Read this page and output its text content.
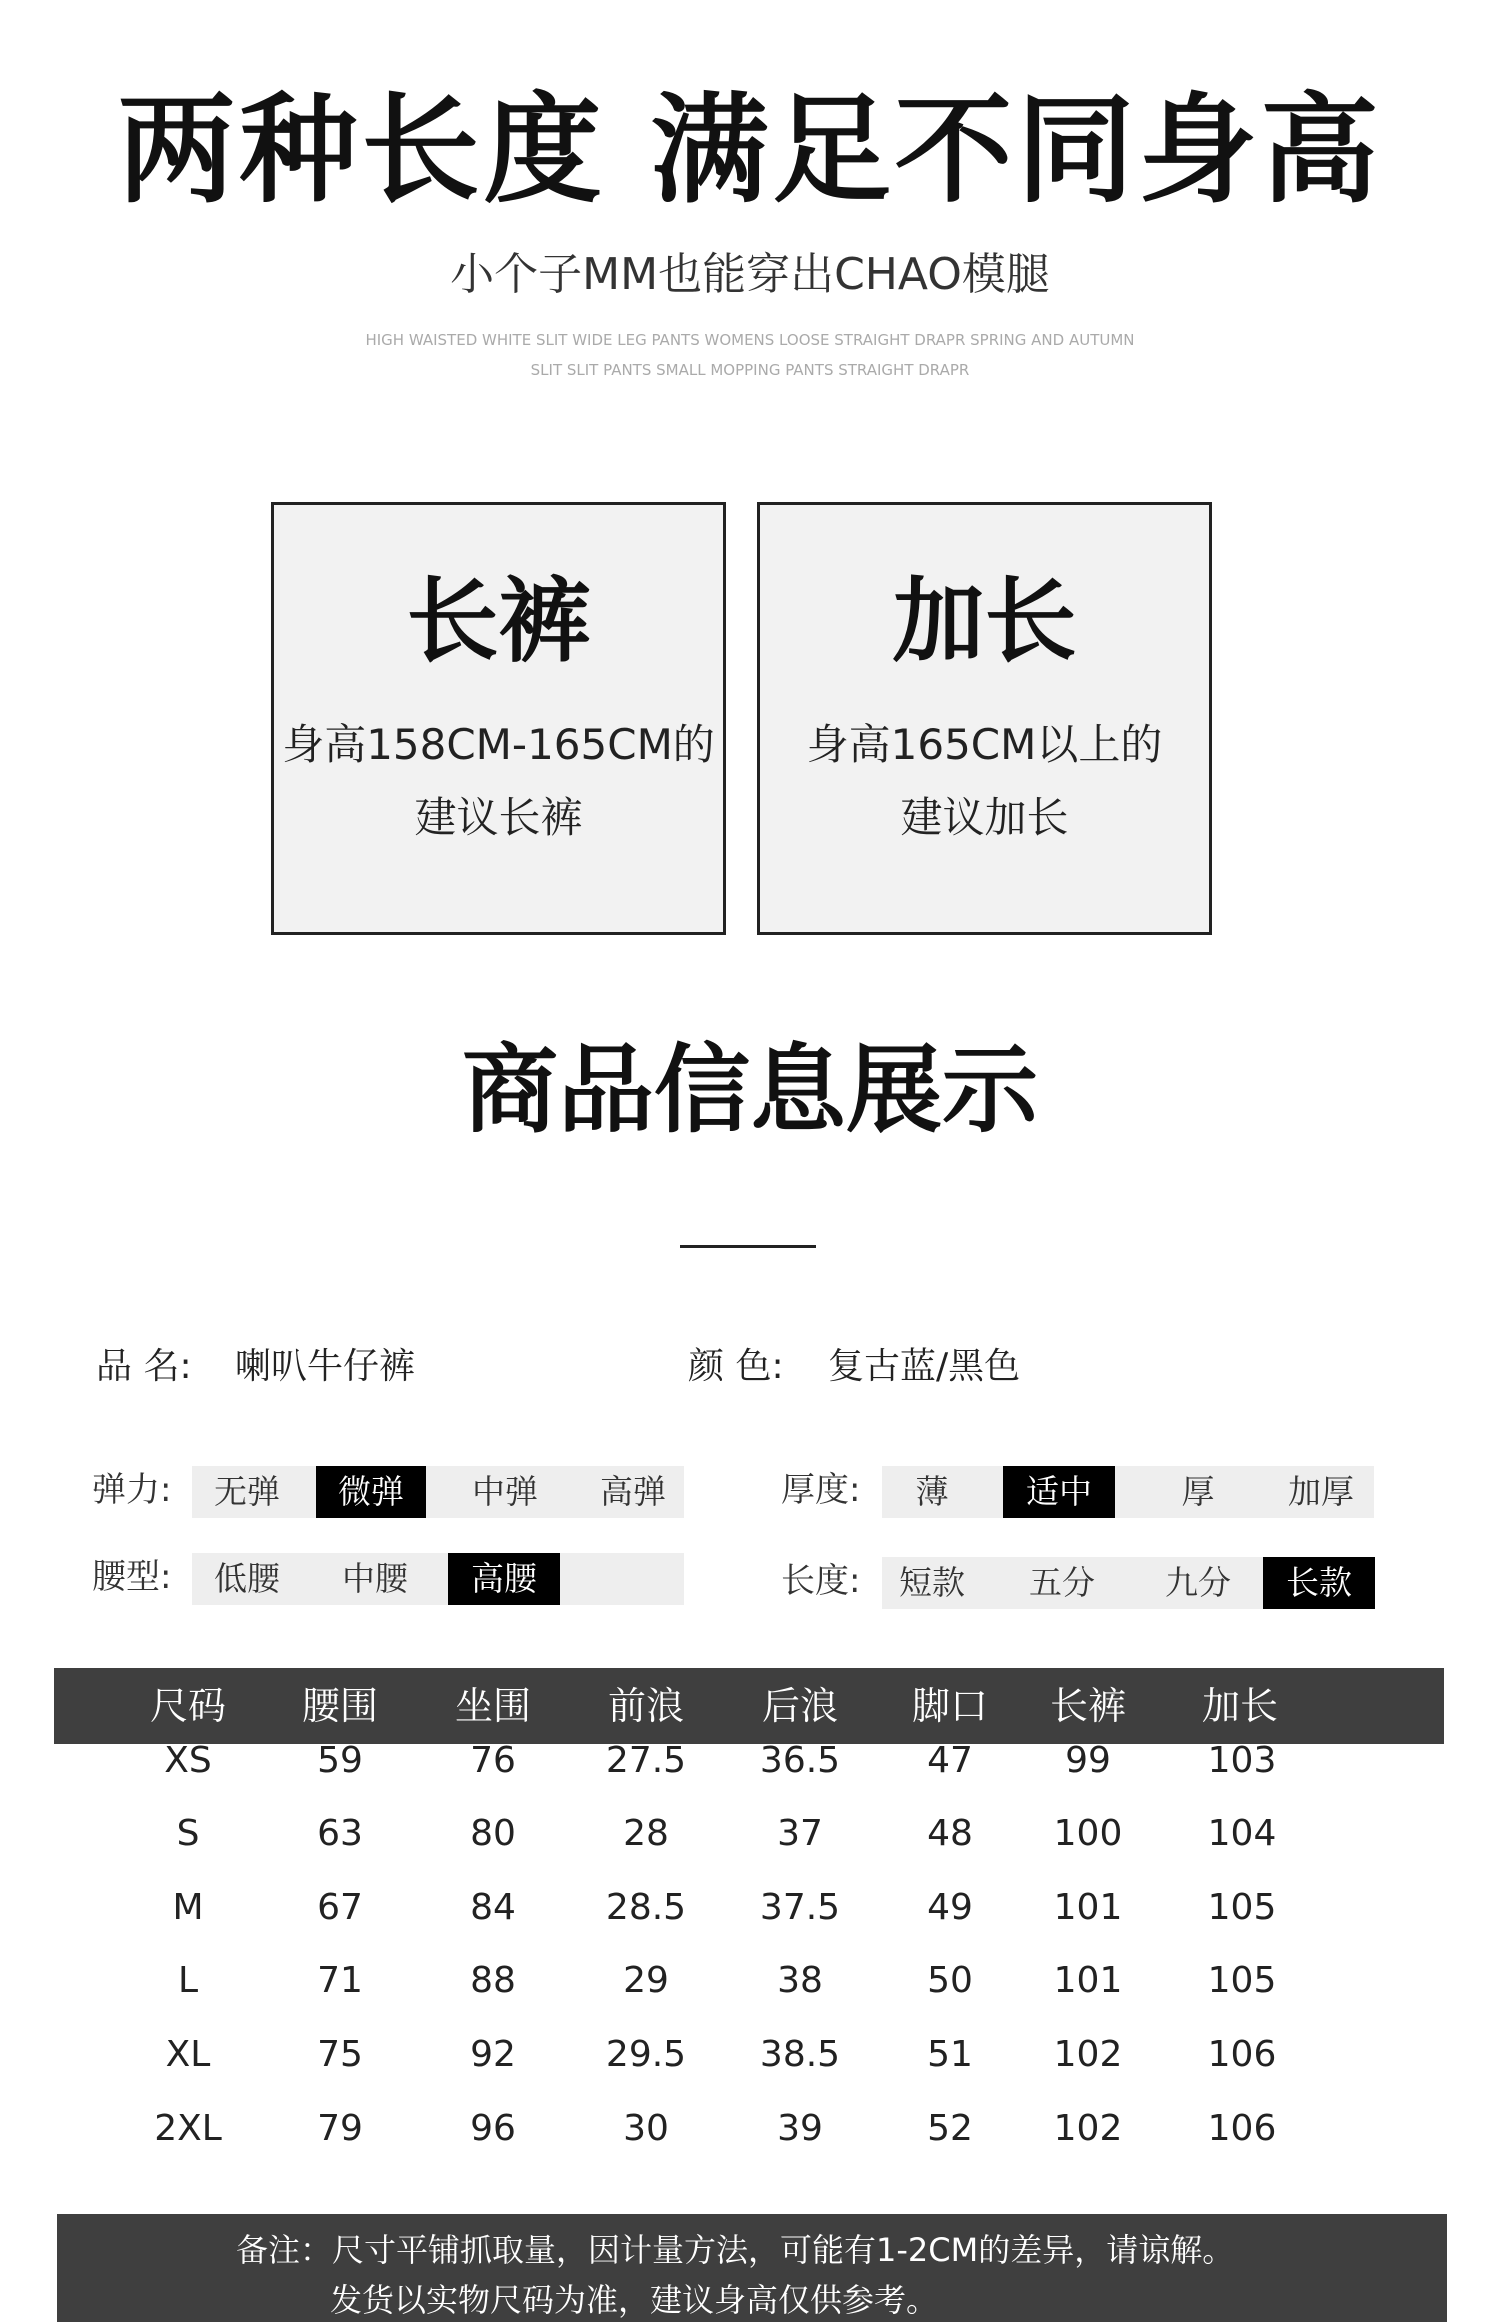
两种长度 满足不同身高
小个子MM也能穿出CHAO模腿
HIGH WAISTED WHITE SLIT WIDE LEG PANTS WOMENS LOOSE STRAIGHT DRAPR SPRING AND AUTUMN
SLIT SLIT PANTS SMALL MOPPING PANTS STRAIGHT DRAPR
长裤
身高158CM-165CM的
建议长裤
加长
身高165CM以上的
建议加长
商品信息展示
品 名: 喇叭牛仔裤	颜 色: 复古蓝/黑色
弹力:	无弹	微弹	中弹	高弹
腰型:	低腰	中腰	高腰
厚度:	薄	适中	厚	加厚
长度:	短款	五分	九分	长款
尺码	腰围	坐围	前浪	后浪	脚口	长裤	加长
XS	59	76	27.5	36.5	47	99	103
S	63	80	28	37	48	100	104
M	67	84	28.5	37.5	49	101	105
L	71	88	29	38	50	101	105
XL	75	92	29.5	38.5	51	102	106
2XL	79	96	30	39	52	102	106
备注：尺寸平铺抓取量，因计量方法，可能有1-2CM的差异，请谅解。
发货以实物尺码为准，建议身高仅供参考。
